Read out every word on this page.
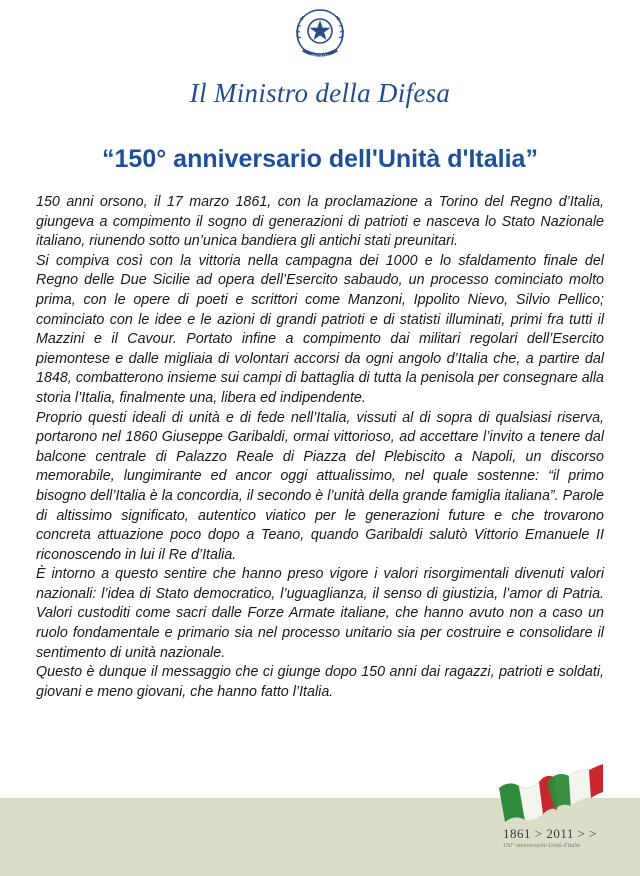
REPVBBLICA ITALIANA
Il Ministro della Difesa
“150° anniversario dell'Unità d'Italia”

150 anni orsono, il 17 marzo 1861, con la proclamazione a Torino del Regno d’Italia, giungeva a compimento il sogno di generazioni di patrioti e nasceva lo Stato Nazionale italiano, riunendo sotto un’unica bandiera gli antichi stati preunitari.

Si compiva così con la vittoria nella campagna dei 1000 e lo sfaldamento finale del Regno delle Due Sicilie ad opera dell’Esercito sabaudo, un processo cominciato molto prima, con le opere di poeti e scrittori come Manzoni, Ippolito Nievo, Silvio Pellico; cominciato con le idee e le azioni di grandi patrioti e di statisti illuminati, primi fra tutti il Mazzini e il Cavour. Portato infine a compimento dai militari regolari dell’Esercito piemontese e dalle migliaia di volontari accorsi da ogni angolo d’Italia che, a partire dal 1848, combatterono insieme sui campi di battaglia di tutta la penisola per consegnare alla storia l’Italia, finalmente una, libera ed indipendente.

Proprio questi ideali di unità e di fede nell’Italia, vissuti al di sopra di qualsiasi riserva, portarono nel 1860 Giuseppe Garibaldi, ormai vittorioso, ad accettare l’invito a tenere dal balcone centrale di Palazzo Reale di Piazza del Plebiscito a Napoli, un discorso memorabile, lungimirante ed ancor oggi attualissimo, nel quale sostenne: “il primo bisogno dell’Italia è la concordia, il secondo è l’unità della grande famiglia italiana”. Parole di altissimo significato, autentico viatico per le generazioni future e che trovarono concreta attuazione poco dopo a Teano, quando Garibaldi salutò Vittorio Emanuele II riconoscendo in lui il Re d’Italia.

È intorno a questo sentire che hanno preso vigore i valori risorgimentali divenuti valori nazionali: l’idea di Stato democratico, l’uguaglianza, il senso di giustizia, l’amor di Patria. Valori custoditi come sacri dalle Forze Armate italiane, che hanno avuto non a caso un ruolo fondamentale e primario sia nel processo unitario sia per costruire e consolidare il sentimento di unità nazionale.

Questo è dunque il messaggio che ci giunge dopo 150 anni dai ragazzi, patrioti e soldati, giovani e meno giovani, che hanno fatto l’Italia.

1861 > 2011 > >
150° anniversario Unità d'Italia
